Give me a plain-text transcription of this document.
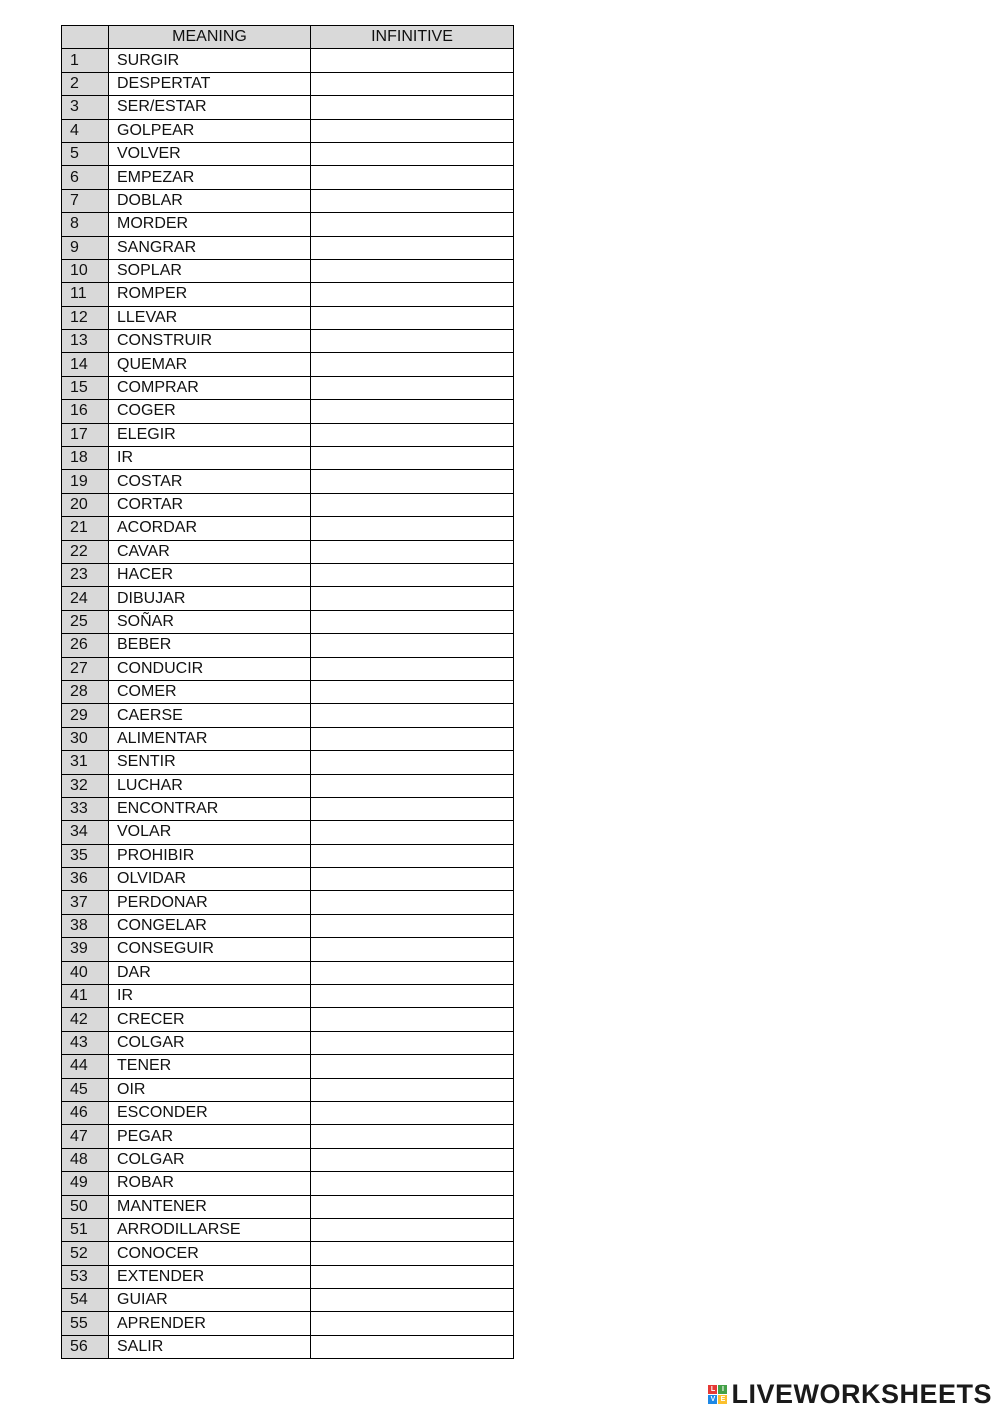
	MEANING	INFINITIVE
1	SURGIR	
2	DESPERTAT	
3	SER/ESTAR	
4	GOLPEAR	
5	VOLVER	
6	EMPEZAR	
7	DOBLAR	
8	MORDER	
9	SANGRAR	
10	SOPLAR	
11	ROMPER	
12	LLEVAR	
13	CONSTRUIR	
14	QUEMAR	
15	COMPRAR	
16	COGER	
17	ELEGIR	
18	IR	
19	COSTAR	
20	CORTAR	
21	ACORDAR	
22	CAVAR	
23	HACER	
24	DIBUJAR	
25	SOÑAR	
26	BEBER	
27	CONDUCIR	
28	COMER	
29	CAERSE	
30	ALIMENTAR	
31	SENTIR	
32	LUCHAR	
33	ENCONTRAR	
34	VOLAR	
35	PROHIBIR	
36	OLVIDAR	
37	PERDONAR	
38	CONGELAR	
39	CONSEGUIR	
40	DAR	
41	IR	
42	CRECER	
43	COLGAR	
44	TENER	
45	OIR	
46	ESCONDER	
47	PEGAR	
48	COLGAR	
49	ROBAR	
50	MANTENER	
51	ARRODILLARSE	
52	CONOCER	
53	EXTENDER	
54	GUIAR	
55	APRENDER	
56	SALIR	
L I
V E LIVEWORKSHEETS
